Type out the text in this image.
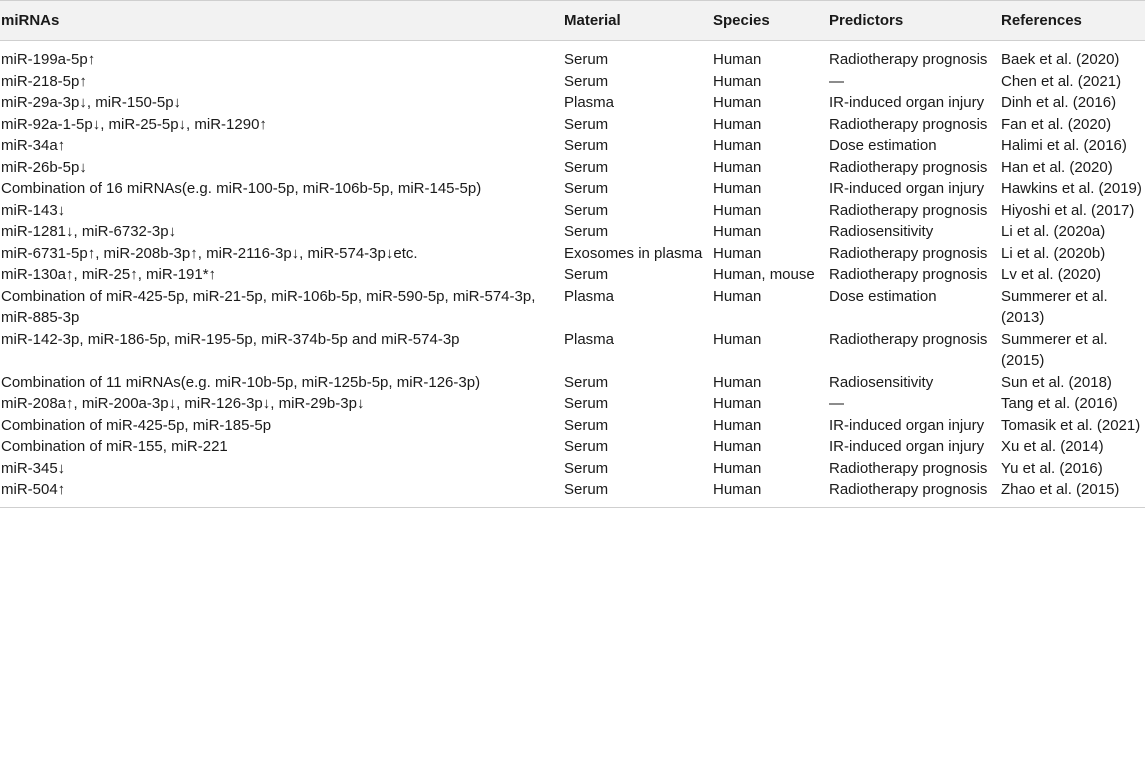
miRNAs	Material	Species	Predictors	References
miR-199a-5p↑	Serum	Human	Radiotherapy prognosis	Baek et al. (2020)
miR-218-5p↑	Serum	Human	—	Chen et al. (2021)
miR-29a-3p↓, miR-150-5p↓	Plasma	Human	IR-induced organ injury	Dinh et al. (2016)
miR-92a-1-5p↓, miR-25-5p↓, miR-1290↑	Serum	Human	Radiotherapy prognosis	Fan et al. (2020)
miR-34a↑	Serum	Human	Dose estimation	Halimi et al. (2016)
miR-26b-5p↓	Serum	Human	Radiotherapy prognosis	Han et al. (2020)
Combination of 16 miRNAs(e.g. miR-100-5p, miR-106b-5p, miR-145-5p)	Serum	Human	IR-induced organ injury	Hawkins et al. (2019)
miR-143↓	Serum	Human	Radiotherapy prognosis	Hiyoshi et al. (2017)
miR-1281↓, miR-6732-3p↓	Serum	Human	Radiosensitivity	Li et al. (2020a)
miR-6731-5p↑, miR-208b-3p↑, miR-2116-3p↓, miR-574-3p↓etc.	Exosomes in plasma	Human	Radiotherapy prognosis	Li et al. (2020b)
miR-130a↑, miR-25↑, miR-191*↑	Serum	Human, mouse	Radiotherapy prognosis	Lv et al. (2020)
Combination of miR-425-5p, miR-21-5p, miR-106b-5p, miR-590-5p, miR-574-3p, miR-885-3p	Plasma	Human	Dose estimation	Summerer et al. (2013)
miR-142-3p, miR-186-5p, miR-195-5p, miR-374b-5p and miR-574-3p	Plasma	Human	Radiotherapy prognosis	Summerer et al. (2015)
Combination of 11 miRNAs(e.g. miR-10b-5p, miR-125b-5p, miR-126-3p)	Serum	Human	Radiosensitivity	Sun et al. (2018)
miR-208a↑, miR-200a-3p↓, miR-126-3p↓, miR-29b-3p↓	Serum	Human	—	Tang et al. (2016)
Combination of miR-425-5p, miR-185-5p	Serum	Human	IR-induced organ injury	Tomasik et al. (2021)
Combination of miR-155, miR-221	Serum	Human	IR-induced organ injury	Xu et al. (2014)
miR-345↓	Serum	Human	Radiotherapy prognosis	Yu et al. (2016)
miR-504↑	Serum	Human	Radiotherapy prognosis	Zhao et al. (2015)
